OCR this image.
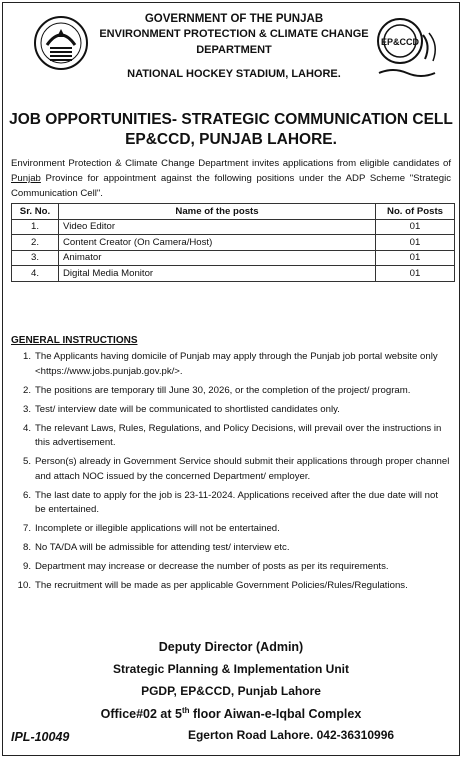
GOVERNMENT OF THE PUNJAB
ENVIRONMENT PROTECTION & CLIMATE CHANGE
DEPARTMENT
NATIONAL HOCKEY STADIUM, LAHORE.
EP&CCD
JOB OPPORTUNITIES- STRATEGIC COMMUNICATION CELL
EP&CCD, PUNJAB LAHORE.
Environment Protection & Climate Change Department invites applications from eligible candidates of Punjab Province for appointment against the following positions under the ADP Scheme "Strategic Communication Cell".
Sr. No.	Name of the posts	No. of Posts
1.	Video Editor	01
2.	Content Creator (On Camera/Host)	01
3.	Animator	01
4.	Digital Media Monitor	01
GENERAL INSTRUCTIONS
1. The Applicants having domicile of Punjab may apply through the Punjab job portal website only <https://www.jobs.punjab.gov.pk/>.
2. The positions are temporary till June 30, 2026, or the completion of the project/ program.
3. Test/ interview date will be communicated to shortlisted candidates only.
4. The relevant Laws, Rules, Regulations, and Policy Decisions, will prevail over the instructions in this advertisement.
5. Person(s) already in Government Service should submit their applications through proper channel and attach NOC issued by the concerned Department/ employer.
6. The last date to apply for the job is 23-11-2024. Applications received after the due date will not be entertained.
7. Incomplete or illegible applications will not be entertained.
8. No TA/DA will be admissible for attending test/ interview etc.
9. Department may increase or decrease the number of posts as per its requirements.
10. The recruitment will be made as per applicable Government Policies/Rules/Regulations.
Deputy Director (Admin)
Strategic Planning & Implementation Unit
PGDP, EP&CCD, Punjab Lahore
Office#02 at 5th floor Aiwan-e-Iqbal Complex
IPL-10049	Egerton Road Lahore. 042-36310996
